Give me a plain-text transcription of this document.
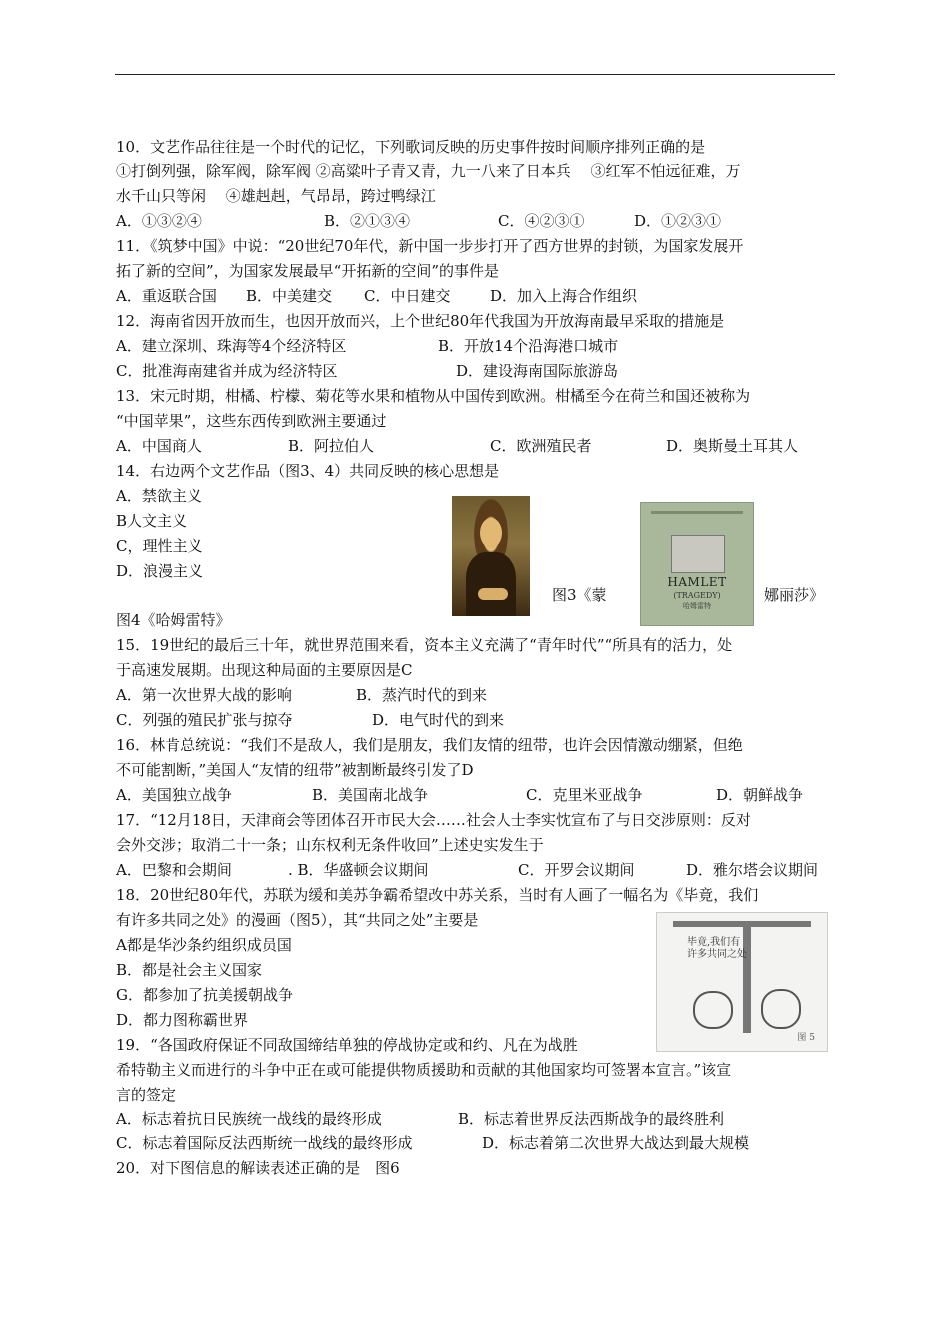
10．文艺作品往往是一个时代的记忆，下列歌词反映的历史事件按时间顺序排列正确的是
①打倒列强，除军阀，除军阀 ②高粱叶子青又青，九一八来了日本兵　 ③红军不怕远征难，万
水千山只等闲　 ④雄赳赳，气昂昂，跨过鸭绿江
A．①③②④	B．②①③④	C．④②③①	D．①②③①
11．《筑梦中国》中说：“20世纪70年代，新中国一步步打开了西方世界的封锁，为国家发展开
拓了新的空间”，为国家发展最早“开拓新的空间”的事件是
A．重返联合国 B．中美建交 C．中日建交	D．加入上海合作组织
12．海南省因开放而生，也因开放而兴，上个世纪80年代我国为开放海南最早采取的措施是
A．建立深圳、珠海等4个经济特区	B．开放14个沿海港口城市
C．批准海南建省并成为经济特区	D．建设海南国际旅游岛
13．宋元时期，柑橘、柠檬、菊花等水果和植物从中国传到欧洲。柑橘至今在荷兰和国还被称为
“中国苹果”，这些东西传到欧洲主要通过
A．中国商人	B．阿拉伯人	C．欧洲殖民者	D．奥斯曼土耳其人
14．右边两个文艺作品（图3、4）共同反映的核心思想是
A．禁欲主义
B人文主义
C，理性主义
D．浪漫主义
HAMLET
(TRAGEDY)
哈姆雷特
图3《蒙	娜丽莎》
图4《哈姆雷特》
15．19世纪的最后三十年，就世界范围来看，资本主义充满了“青年时代”“所具有的活力，处
于高速发展期。出现这种局面的主要原因是C
A．第一次世界大战的影响	B．蒸汽时代的到来
C．列强的殖民扩张与掠夺	D．电气时代的到来
16．林肯总统说：“我们不是敌人，我们是朋友，我们友情的纽带，也许会因情激动绷紧，但绝
不可能割断，”美国人“友情的纽带”被割断最终引发了D
A．美国独立战争	B．美国南北战争	C．克里米亚战争	D．朝鲜战争
17．“12月18日，天津商会等团体召开市民大会……社会人士李实忱宣布了与日交涉原则：反对
会外交涉；取消二十一条；山东权利无条件收回”上述史实发生于
A．巴黎和会期间	. B．华盛顿会议期间	C．开罗会议期间	D．雅尔塔会议期间
18．20世纪80年代，苏联为缓和美苏争霸希望改中苏关系，当时有人画了一幅名为《毕竟，我们
有许多共同之处》的漫画（图5），其“共同之处”主要是
A都是华沙条约组织成员国
B．都是社会主义国家
G．都参加了抗美援朝战争
D．都力图称霸世界
毕竟,我们有
许多共同之处
图 5
19．“各国政府保证不同敌国缔结单独的停战协定或和约、凡在为战胜
希特勒主义而进行的斗争中正在或可能提供物质援助和贡献的其他国家均可签署本宣言。”该宣
言的签定
A．标志着抗日民族统一战线的最终形成	B．标志着世界反法西斯战争的最终胜利
C．标志着国际反法西斯统一战线的最终形成	D．标志着第二次世界大战达到最大规模
20．对下图信息的解读表述正确的是　图6
